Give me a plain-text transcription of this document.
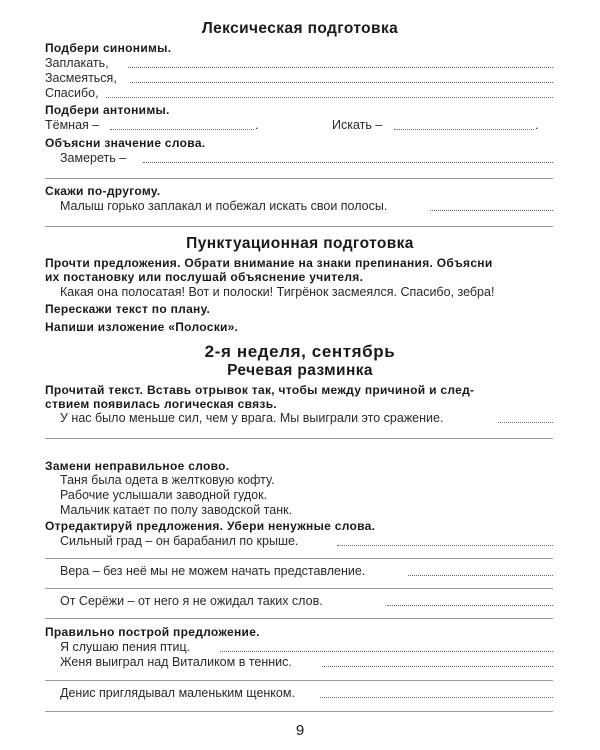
Лексическая подготовка
Подбери синонимы.
Заплакать,
Засмеяться,
Спасибо,
Подбери антонимы.
Тёмная –	.	Искать –	.
Объясни значение слова.
Замереть –
Скажи по-другому.
Малыш горько заплакал и побежал искать свои полосы.
Пунктуационная подготовка
Прочти предложения. Обрати внимание на знаки препинания. Объясни
их постановку или послушай объяснение учителя.
Какая она полосатая! Вот и полоски! Тигрёнок засмеялся. Спасибо, зебра!
Перескажи текст по плану.
Напиши изложение «Полоски».
2-я неделя, сентябрь
Речевая разминка
Прочитай текст. Вставь отрывок так, чтобы между причиной и след-
ствием появилась логическая связь.
У нас было меньше сил, чем у врага. Мы выиграли это сражение.
Замени неправильное слово.
Таня была одета в желтковую кофту.
Рабочие услышали заводной гудок.
Мальчик катает по полу заводской танк.
Отредактируй предложения. Убери ненужные слова.
Сильный град – он барабанил по крыше.
Вера – без неё мы не можем начать представление.
От Серёжи – от него я не ожидал таких слов.
Правильно построй предложение.
Я слушаю пения птиц.
Женя выиграл над Виталиком в теннис.
Денис приглядывал маленьким щенком.
9
